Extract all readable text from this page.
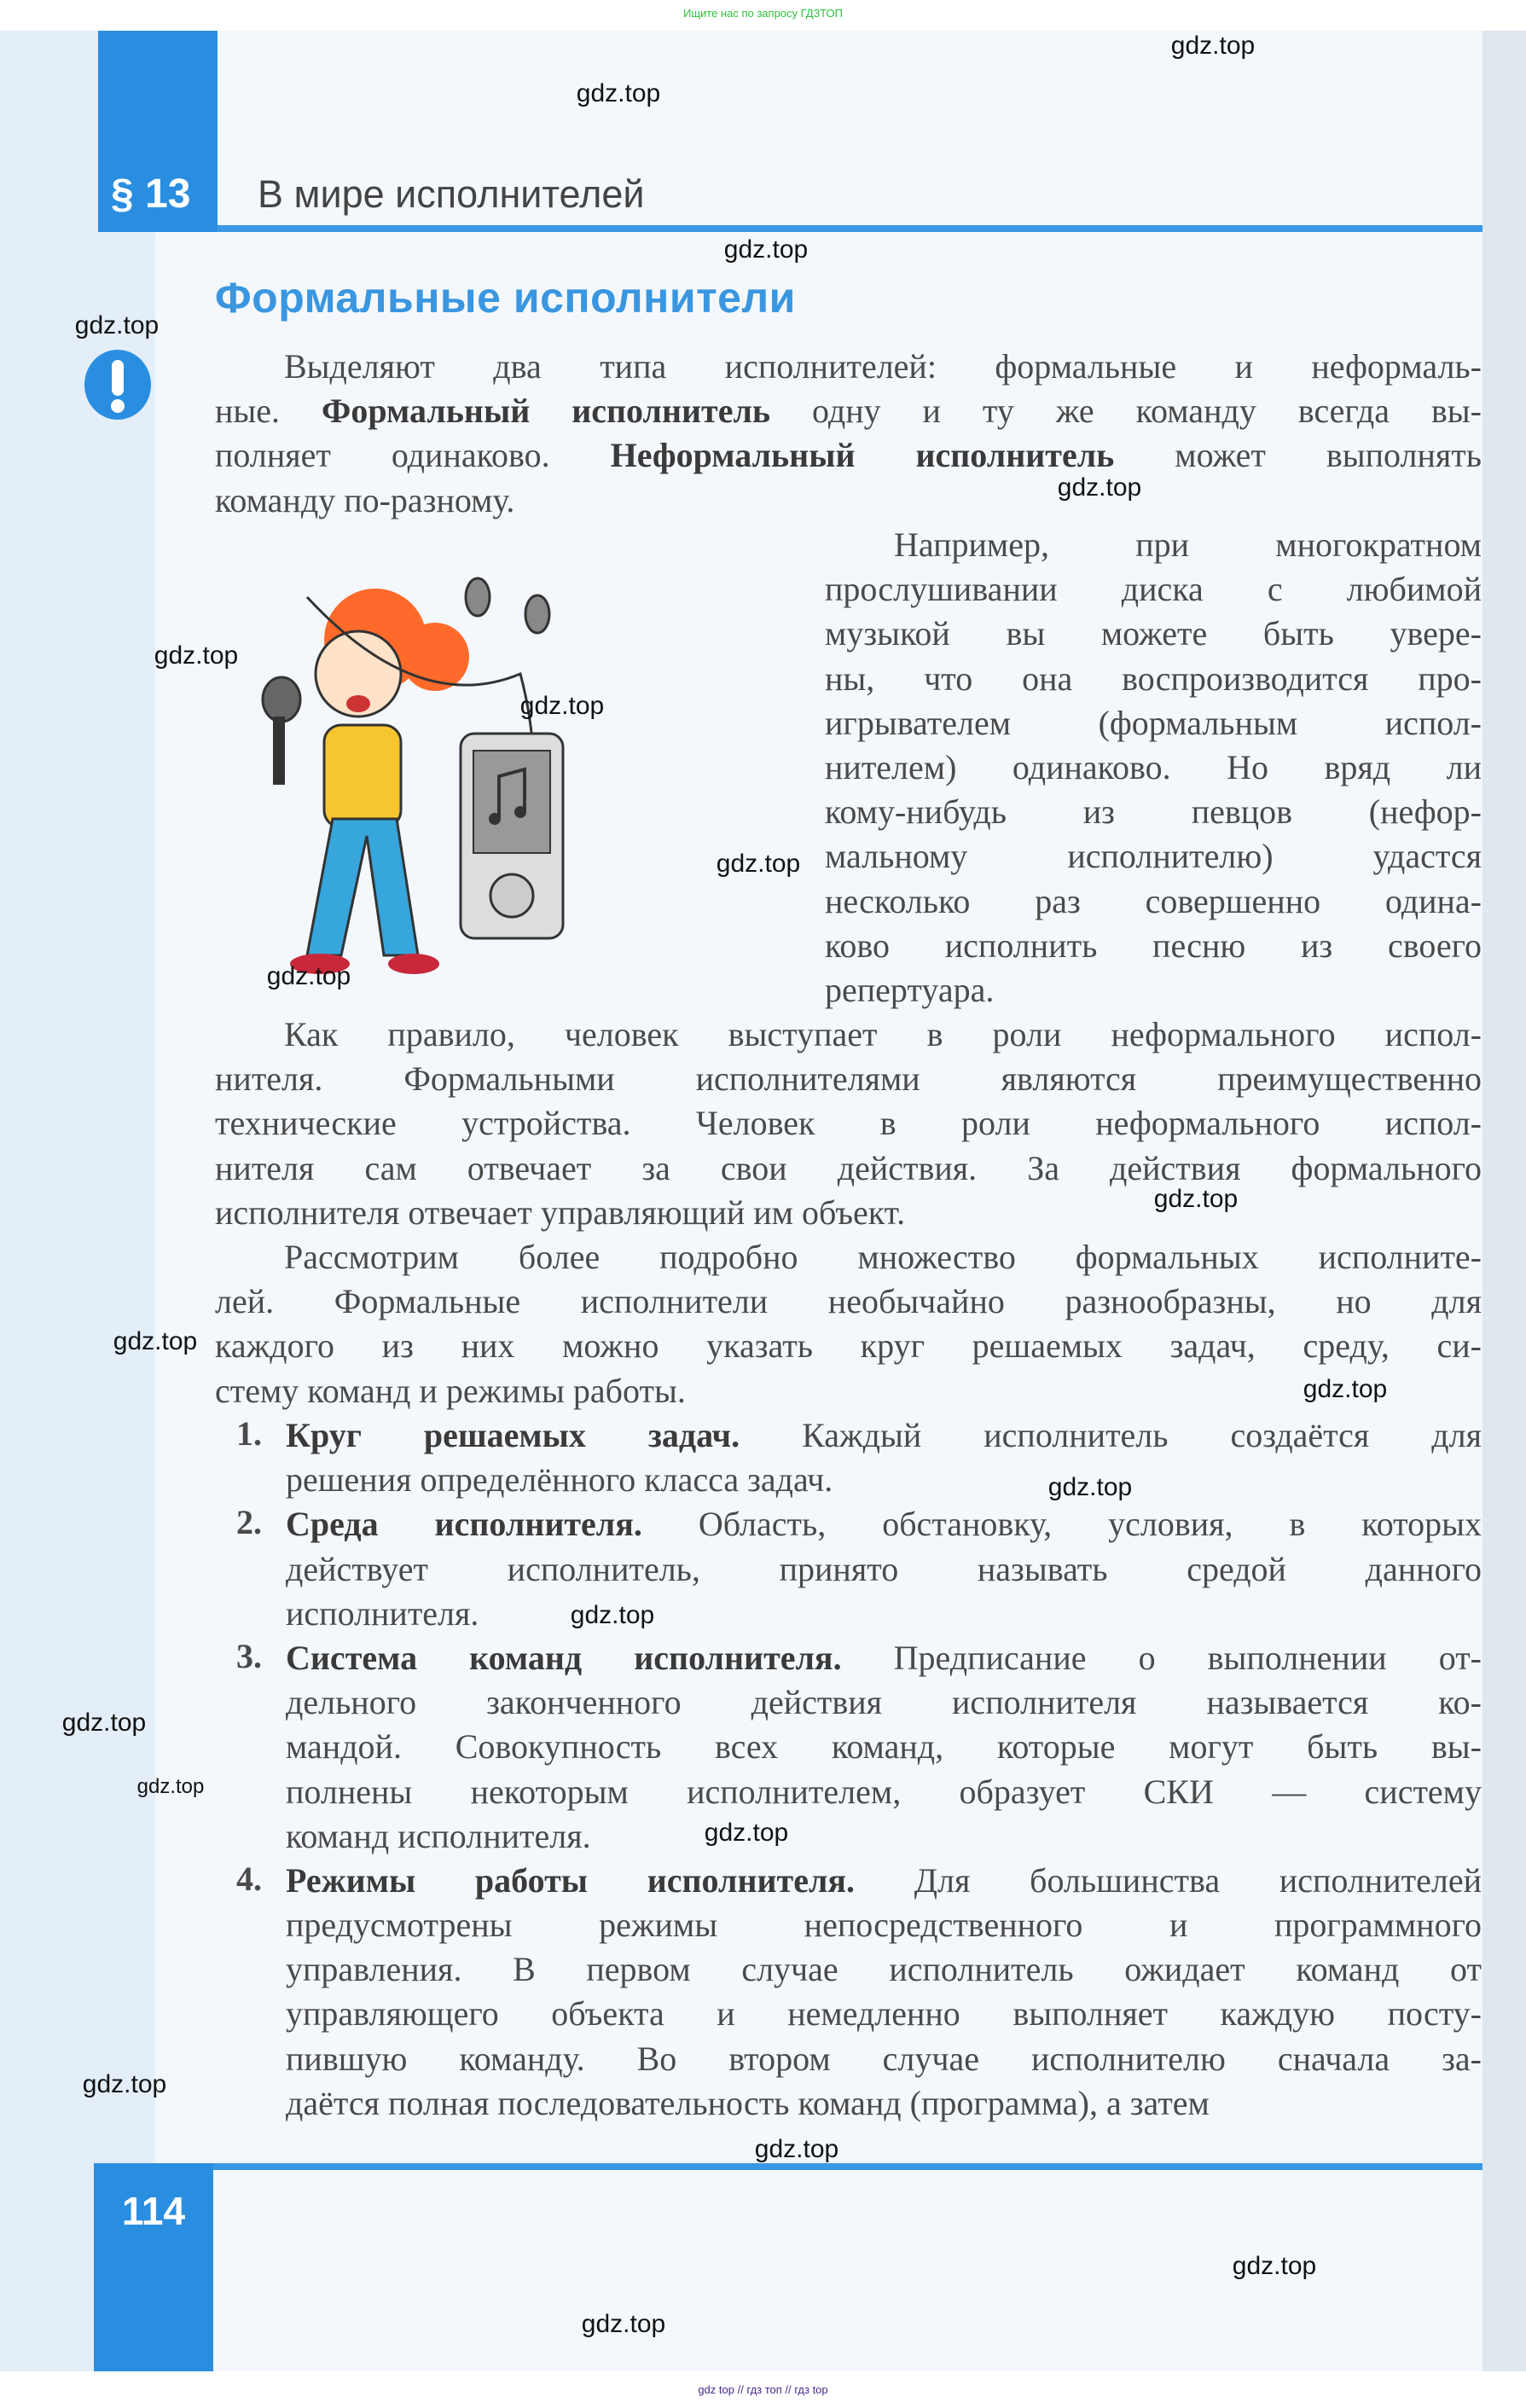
Ищите нас по запросу ГДЗТОП
§ 13	В мире исполнителей
Формальные исполнители
Выделяют два типа исполнителей: формальные и неформаль-
ные. Формальный исполнитель одну и ту же команду всегда вы-
полняет одинаково. Неформальный исполнитель может выполнять
команду по-разному.
Например, при многократном
прослушивании диска с любимой
музыкой вы можете быть увере-
ны, что она воспроизводится про-
игрывателем (формальным испол-
нителем) одинаково. Но вряд ли
кому-нибудь из певцов (нефор-
мальному исполнителю) удастся
несколько раз совершенно одина-
ково исполнить песню из своего
репертуара.
Как правило, человек выступает в роли неформального испол-
нителя. Формальными исполнителями являются преимущественно
технические устройства. Человек в роли неформального испол-
нителя сам отвечает за свои действия. За действия формального
исполнителя отвечает управляющий им объект.
Рассмотрим более подробно множество формальных исполните-
лей. Формальные исполнители необычайно разнообразны, но для
каждого из них можно указать круг решаемых задач, среду, си-
стему команд и режимы работы.
1. Круг решаемых задач. Каждый исполнитель создаётся для
решения определённого класса задач.
2. Среда исполнителя. Область, обстановку, условия, в которых
действует исполнитель, принято называть средой данного
исполнителя.
3. Система команд исполнителя. Предписание о выполнении от-
дельного законченного действия исполнителя называется ко-
мандой. Совокупность всех команд, которые могут быть вы-
полнены некоторым исполнителем, образует СКИ — систему
команд исполнителя.
4. Режимы работы исполнителя. Для большинства исполнителей
предусмотрены режимы непосредственного и программного
управления. В первом случае исполнитель ожидает команд от
управляющего объекта и немедленно выполняет каждую посту-
пившую команду. Во втором случае исполнителю сначала за-
даётся полная последовательность команд (программа), а затем
114
gdz.top
gdz.top
gdz.top
gdz.top
gdz.top
gdz.top
gdz.top
gdz.top
gdz.top
gdz.top
gdz.top
gdz.top
gdz.top
gdz.top
gdz.top
gdz.top
gdz.top
gdz.top
gdz.top
gdz.top
gdz.top
gdz top // гдз топ // гдз top
